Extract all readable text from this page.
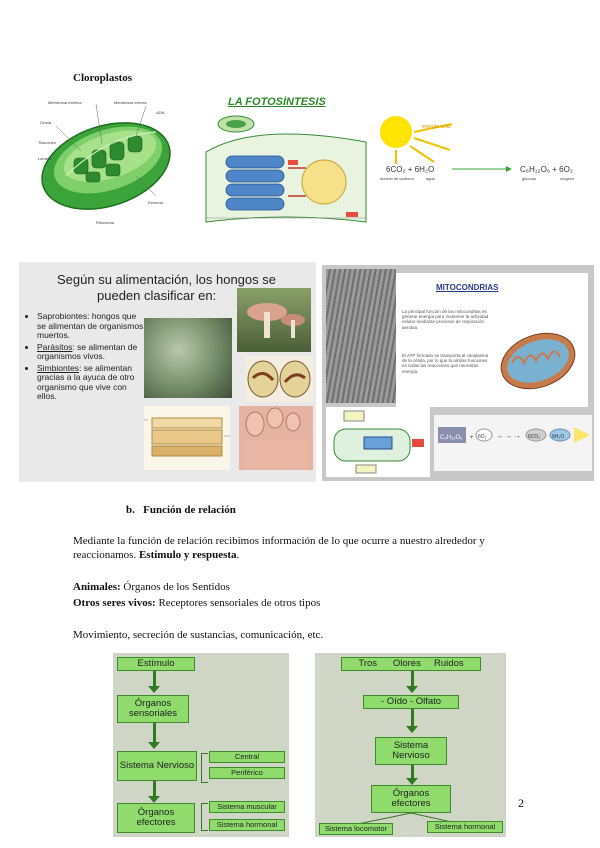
Cloroplastos
Membrana externa	Membrana interna
Grana
Estroma
Tilacoides
Lamela
Ribosoma
ADN
LA FOTOSÍNTESIS
energía solar
6CO₂ + 6H₂O	C₆H₁₂O₆ + 6O₂
dióxido de carbono	agua	glucosa	oxígeno
Según su alimentación, los hongos se
pueden clasificar en:
• Saprobiontes: hongos que se alimentan de organismos muertos.
• Parásitos: se alimentan de organismos vivos.
• Simbiontes: se alimentan gracias a la ayuca de otro organismo que vive con ellos.
MITOCONDRIAS
La principal función de las mitocondrias es generar energía para mantener la actividad celular mediante procesos de respiración aerobia.
El ATP formado se transporta al citoplasma de la célula, por lo que la ambas funciones en todas las reacciones que necesitan energía.
C₆H₁₂O₆ + 6O₂ → → → 6CO₂ 6H₂O
b.   Función de relación
Mediante la función de relación recibimos información de lo que ocurre a nuestro alrededor y
reaccionamos. Estímulo y respuesta.
Animales: Órganos de los Sentidos
Otros seres vivos: Receptores sensoriales de otros tipos
Movimiento, secreción de sustancias, comunicación, etc.
Estímulo
Órganos sensoriales
Sistema Nervioso
Central
Periférico
Órganos efectores
Sistema muscular
Sistema hormonal
Tros      Olores     Ruidos
- Oído - Olfato
Sistema Nervioso
Órganos efectores
Sistema locomotor	Sistema hormonal
2
